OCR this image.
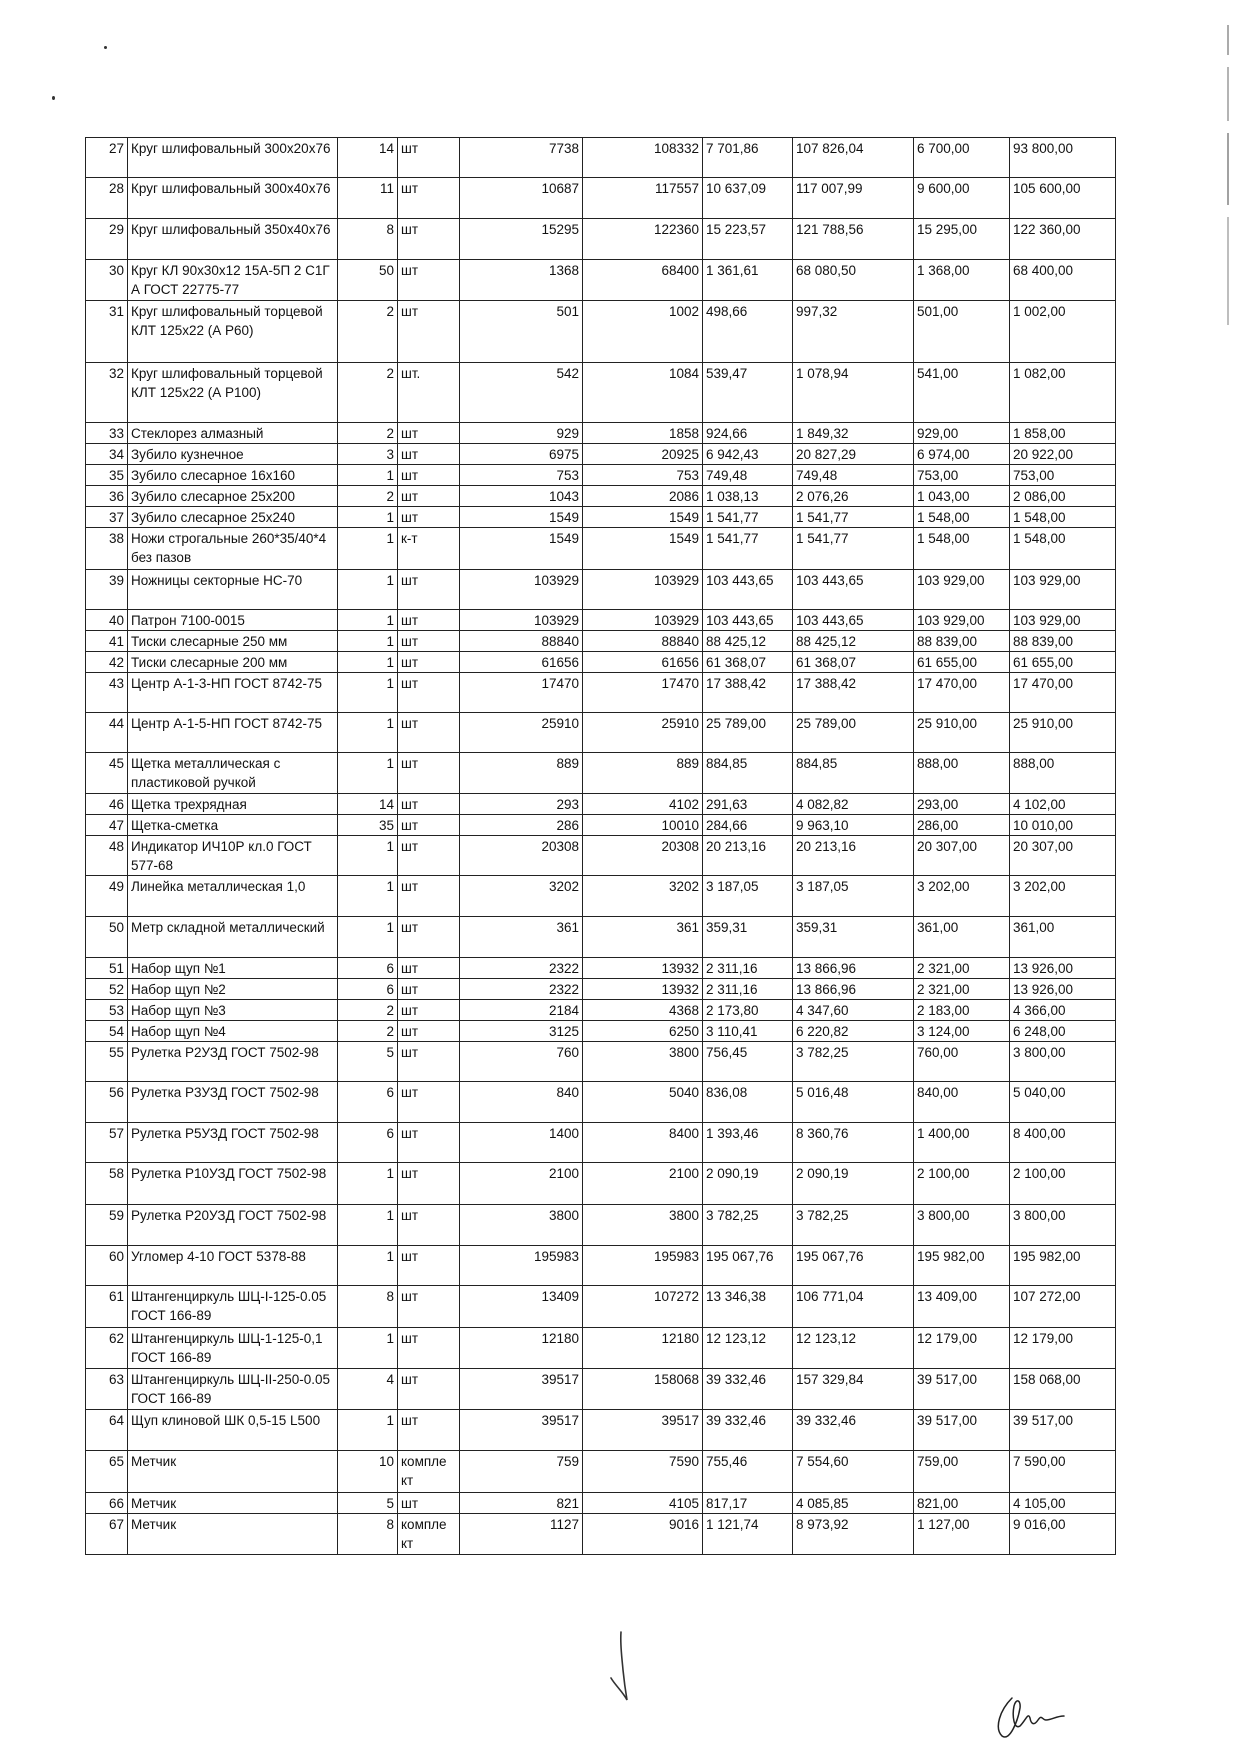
27	Круг шлифовальный 300х20х76	14	шт	7738	108332	7 701,86	107 826,04	6 700,00	93 800,00
28	Круг шлифовальный 300х40х76	11	шт	10687	117557	10 637,09	117 007,99	9 600,00	105 600,00
29	Круг шлифовальный 350х40х76	8	шт	15295	122360	15 223,57	121 788,56	15 295,00	122 360,00
30	Круг КЛ 90х30х12 15А-5П 2 С1Г А ГОСТ 22775-77	50	шт	1368	68400	1 361,61	68 080,50	1 368,00	68 400,00
31	Круг шлифовальный торцевой КЛТ 125х22 (А Р60)	2	шт	501	1002	498,66	997,32	501,00	1 002,00
32	Круг шлифовальный торцевой КЛТ 125х22 (А Р100)	2	шт.	542	1084	539,47	1 078,94	541,00	1 082,00
33	Стеклорез алмазный	2	шт	929	1858	924,66	1 849,32	929,00	1 858,00
34	Зубило кузнечное	3	шт	6975	20925	6 942,43	20 827,29	6 974,00	20 922,00
35	Зубило слесарное 16х160	1	шт	753	753	749,48	749,48	753,00	753,00
36	Зубило слесарное 25х200	2	шт	1043	2086	1 038,13	2 076,26	1 043,00	2 086,00
37	Зубило слесарное 25х240	1	шт	1549	1549	1 541,77	1 541,77	1 548,00	1 548,00
38	Ножи строгальные 260*35/40*4 без пазов	1	к-т	1549	1549	1 541,77	1 541,77	1 548,00	1 548,00
39	Ножницы секторные НС-70	1	шт	103929	103929	103 443,65	103 443,65	103 929,00	103 929,00
40	Патрон 7100-0015	1	шт	103929	103929	103 443,65	103 443,65	103 929,00	103 929,00
41	Тиски слесарные 250 мм	1	шт	88840	88840	88 425,12	88 425,12	88 839,00	88 839,00
42	Тиски слесарные 200 мм	1	шт	61656	61656	61 368,07	61 368,07	61 655,00	61 655,00
43	Центр А-1-3-НП ГОСТ 8742-75	1	шт	17470	17470	17 388,42	17 388,42	17 470,00	17 470,00
44	Центр А-1-5-НП ГОСТ 8742-75	1	шт	25910	25910	25 789,00	25 789,00	25 910,00	25 910,00
45	Щетка металлическая с пластиковой ручкой	1	шт	889	889	884,85	884,85	888,00	888,00
46	Щетка трехрядная	14	шт	293	4102	291,63	4 082,82	293,00	4 102,00
47	Щетка-сметка	35	шт	286	10010	284,66	9 963,10	286,00	10 010,00
48	Индикатор ИЧ10Р кл.0 ГОСТ 577-68	1	шт	20308	20308	20 213,16	20 213,16	20 307,00	20 307,00
49	Линейка металлическая 1,0	1	шт	3202	3202	3 187,05	3 187,05	3 202,00	3 202,00
50	Метр складной металлический	1	шт	361	361	359,31	359,31	361,00	361,00
51	Набор щуп №1	6	шт	2322	13932	2 311,16	13 866,96	2 321,00	13 926,00
52	Набор щуп №2	6	шт	2322	13932	2 311,16	13 866,96	2 321,00	13 926,00
53	Набор щуп №3	2	шт	2184	4368	2 173,80	4 347,60	2 183,00	4 366,00
54	Набор щуп №4	2	шт	3125	6250	3 110,41	6 220,82	3 124,00	6 248,00
55	Рулетка Р2УЗД ГОСТ 7502-98	5	шт	760	3800	756,45	3 782,25	760,00	3 800,00
56	Рулетка Р3УЗД ГОСТ 7502-98	6	шт	840	5040	836,08	5 016,48	840,00	5 040,00
57	Рулетка Р5УЗД ГОСТ 7502-98	6	шт	1400	8400	1 393,46	8 360,76	1 400,00	8 400,00
58	Рулетка Р10УЗД ГОСТ 7502-98	1	шт	2100	2100	2 090,19	2 090,19	2 100,00	2 100,00
59	Рулетка Р20УЗД ГОСТ 7502-98	1	шт	3800	3800	3 782,25	3 782,25	3 800,00	3 800,00
60	Угломер 4-10 ГОСТ 5378-88	1	шт	195983	195983	195 067,76	195 067,76	195 982,00	195 982,00
61	Штангенциркуль ШЦ-I-125-0.05 ГОСТ 166-89	8	шт	13409	107272	13 346,38	106 771,04	13 409,00	107 272,00
62	Штангенциркуль ШЦ-1-125-0,1 ГОСТ 166-89	1	шт	12180	12180	12 123,12	12 123,12	12 179,00	12 179,00
63	Штангенциркуль ШЦ-II-250-0.05 ГОСТ 166-89	4	шт	39517	158068	39 332,46	157 329,84	39 517,00	158 068,00
64	Щуп клиновой ШК 0,5-15 L500	1	шт	39517	39517	39 332,46	39 332,46	39 517,00	39 517,00
65	Метчик	10	компле кт	759	7590	755,46	7 554,60	759,00	7 590,00
66	Метчик	5	шт	821	4105	817,17	4 085,85	821,00	4 105,00
67	Метчик	8	компле кт	1127	9016	1 121,74	8 973,92	1 127,00	9 016,00
